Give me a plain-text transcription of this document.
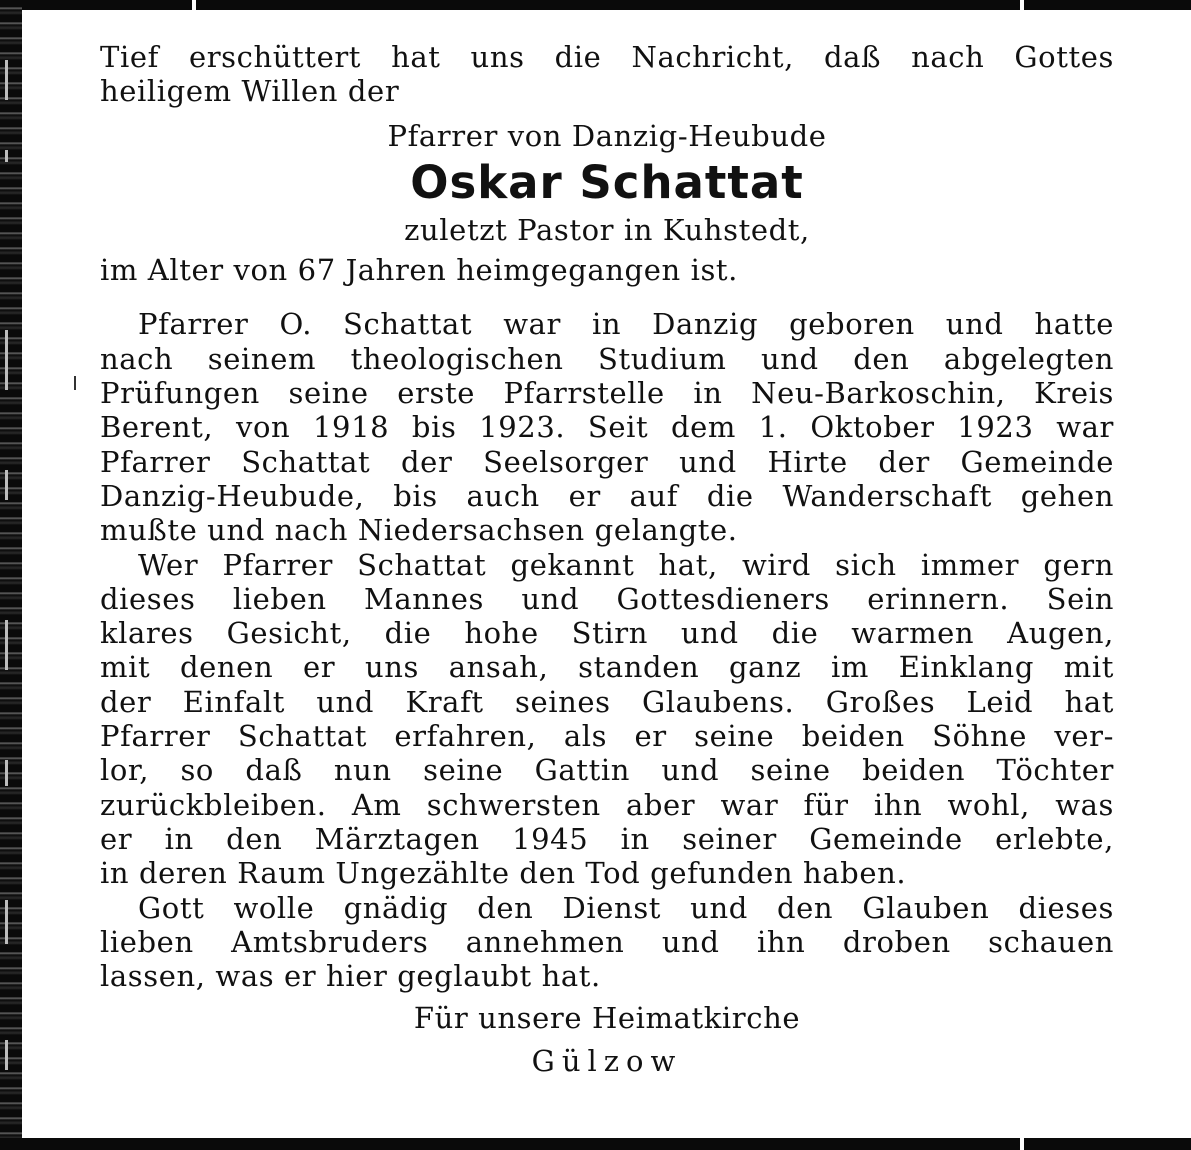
Tief erschüttert hat uns die Nachricht, daß nach Gottes

heiligem Willen der

Pfarrer von Danzig-Heubude

Oskar Schattat

zuletzt Pastor in Kuhstedt,

im Alter von 67 Jahren heimgegangen ist.

Pfarrer O. Schattat war in Danzig geboren und hatte

nach seinem theologischen Studium und den abgelegten

Prüfungen seine erste Pfarrstelle in Neu-Barkoschin, Kreis

Berent, von 1918 bis 1923. Seit dem 1. Oktober 1923 war

Pfarrer Schattat der Seelsorger und Hirte der Gemeinde

Danzig-Heubude, bis auch er auf die Wanderschaft gehen

mußte und nach Niedersachsen gelangte.

Wer Pfarrer Schattat gekannt hat, wird sich immer gern

dieses lieben Mannes und Gottesdieners erinnern. Sein

klares Gesicht, die hohe Stirn und die warmen Augen,

mit denen er uns ansah, standen ganz im Einklang mit

der Einfalt und Kraft seines Glaubens. Großes Leid hat

Pfarrer Schattat erfahren, als er seine beiden Söhne ver-

lor, so daß nun seine Gattin und seine beiden Töchter

zurückbleiben. Am schwersten aber war für ihn wohl, was

er in den Märztagen 1945 in seiner Gemeinde erlebte,

in deren Raum Ungezählte den Tod gefunden haben.

Gott wolle gnädig den Dienst und den Glauben dieses

lieben Amtsbruders annehmen und ihn droben schauen

lassen, was er hier geglaubt hat.

Für unsere Heimatkirche

Gülzow
